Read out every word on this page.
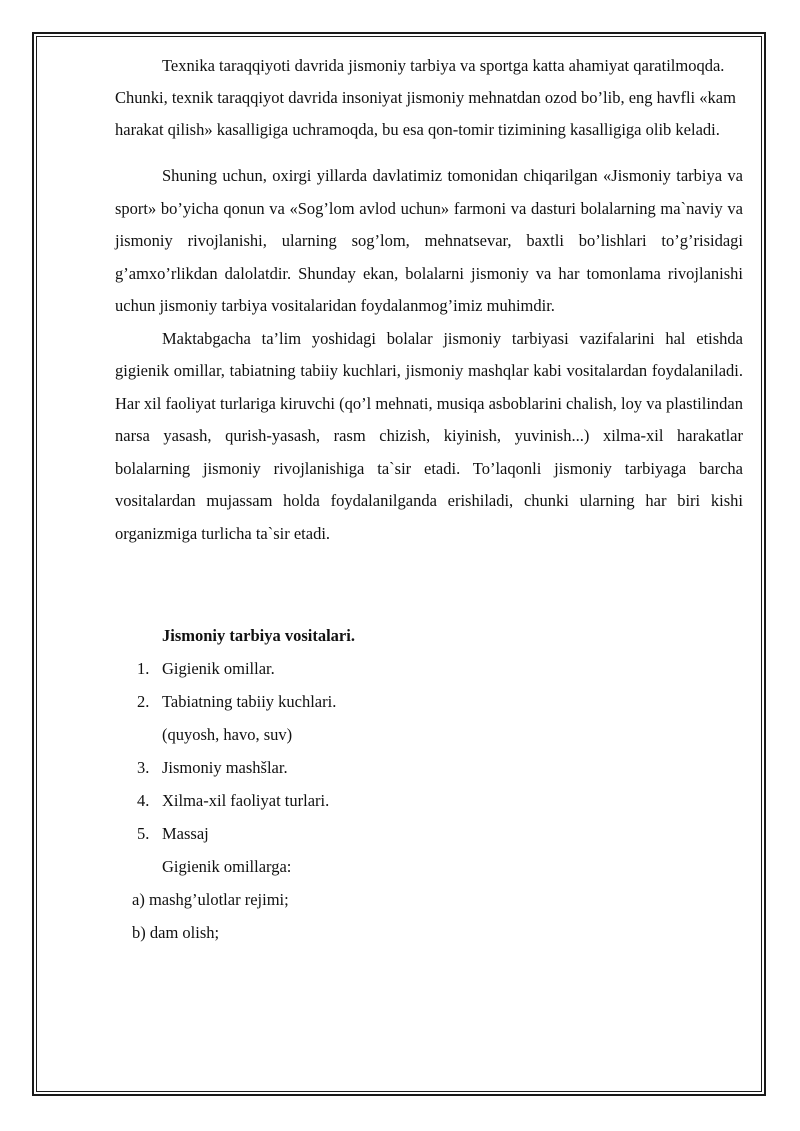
Texnika taraqqiyoti davrida jismoniy tarbiya va sportga katta ahamiyat qaratilmoqda. Chunki, texnik taraqqiyot davrida insoniyat jismoniy mehnatdan ozod bo’lib, eng havfli «kam harakat qilish» kasalligiga uchramoqda, bu esa qon-tomir tizimining kasalligiga olib keladi.

Shuning uchun, oxirgi yillarda davlatimiz tomonidan chiqarilgan «Jismoniy tarbiya va sport» bo’yicha qonun va «Sog’lom avlod uchun» farmoni va dasturi bolalarning ma`naviy va jismoniy rivojlanishi, ularning sog’lom, mehnatsevar, baxtli bo’lishlari to’g’risidagi g’amxo’rlikdan dalolatdir. Shunday ekan, bolalarni jismoniy va har tomonlama rivojlanishi uchun jismoniy tarbiya vositalaridan foydalanmog’imiz muhimdir.

Maktabgacha ta’lim yoshidagi bolalar jismoniy tarbiyasi vazifalarini hal etishda gigienik omillar, tabiatning tabiiy kuchlari, jismoniy mashqlar kabi vositalardan foydalaniladi. Har xil faoliyat turlariga kiruvchi (qo’l mehnati, musiqa asboblarini chalish, loy va plastilindan narsa yasash, qurish-yasash, rasm chizish, kiyinish, yuvinish...) xilma-xil harakatlar bolalarning jismoniy rivojlanishiga ta`sir etadi. To’laqonli jismoniy tarbiyaga barcha vositalardan mujassam holda foydalanilganda erishiladi, chunki ularning har biri kishi organizmiga turlicha ta`sir etadi.

Jismoniy tarbiya vositalari.

1. Gigienik omillar.
2. Tabiatning tabiiy kuchlari.
(quyosh, havo, suv)
3. Jismoniy mashšlar.
4. Xilma-xil faoliyat turlari.
5. Massaj
Gigienik omillarga:
a) mashg’ulotlar rejimi;
b) dam olish;
